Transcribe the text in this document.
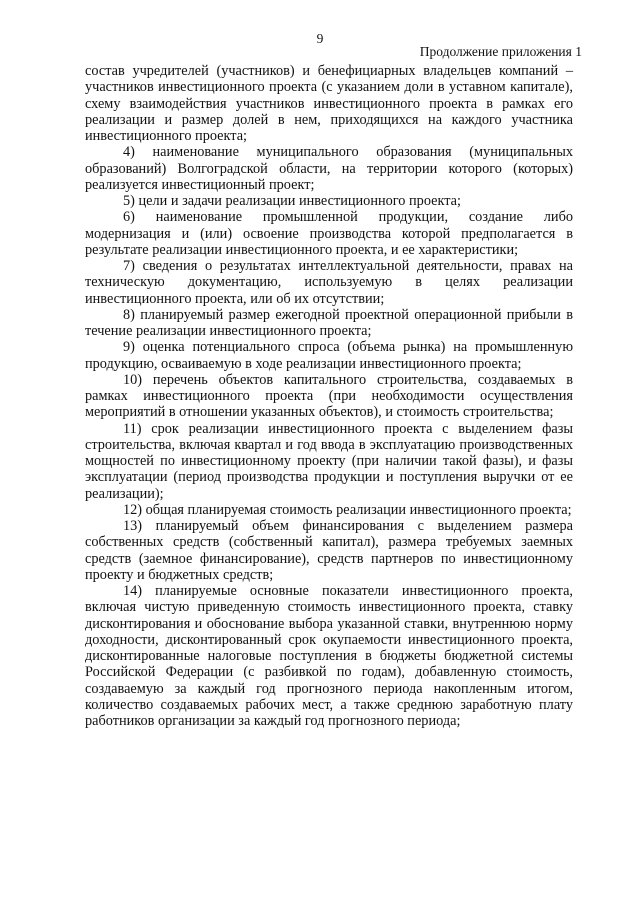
9
Продолжение приложения 1

состав учредителей (участников) и бенефициарных владельцев компаний – участников инвестиционного проекта (с указанием доли в уставном капитале), схему взаимодействия участников инвестиционного проекта в рамках его реализации и размер долей в нем, приходящихся на каждого участника инвестиционного проекта;

4) наименование муниципального образования (муниципальных образований) Волгоградской области, на территории которого (которых) реализуется инвестиционный проект;

5) цели и задачи реализации инвестиционного проекта;

6) наименование промышленной продукции, создание либо модернизация и (или) освоение производства которой предполагается в результате реализации инвестиционного проекта, и ее характеристики;

7) сведения о результатах интеллектуальной деятельности, правах на техническую документацию, используемую в целях реализации инвестиционного проекта, или об их отсутствии;

8) планируемый размер ежегодной проектной операционной прибыли в течение реализации инвестиционного проекта;

9) оценка потенциального спроса (объема рынка) на промышленную продукцию, осваиваемую в ходе реализации инвестиционного проекта;

10) перечень объектов капитального строительства, создаваемых в рамках инвестиционного проекта (при необходимости осуществления мероприятий в отношении указанных объектов), и стоимость строительства;

11) срок реализации инвестиционного проекта с выделением фазы строительства, включая квартал и год ввода в эксплуатацию производственных мощностей по инвестиционному проекту (при наличии такой фазы), и фазы эксплуатации (период производства продукции и поступления выручки от ее реализации);

12) общая планируемая стоимость реализации инвестиционного проекта;

13) планируемый объем финансирования с выделением размера собственных средств (собственный капитал), размера требуемых заемных средств (заемное финансирование), средств партнеров по инвестиционному проекту и бюджетных средств;

14) планируемые основные показатели инвестиционного проекта, включая чистую приведенную стоимость инвестиционного проекта, ставку дисконтирования и обоснование выбора указанной ставки, внутреннюю норму доходности, дисконтированный срок окупаемости инвестиционного проекта, дисконтированные налоговые поступления в бюджеты бюджетной системы Российской Федерации (с разбивкой по годам), добавленную стоимость, создаваемую за каждый год прогнозного периода накопленным итогом, количество создаваемых рабочих мест, а также среднюю заработную плату работников организации за каждый год прогнозного периода;
